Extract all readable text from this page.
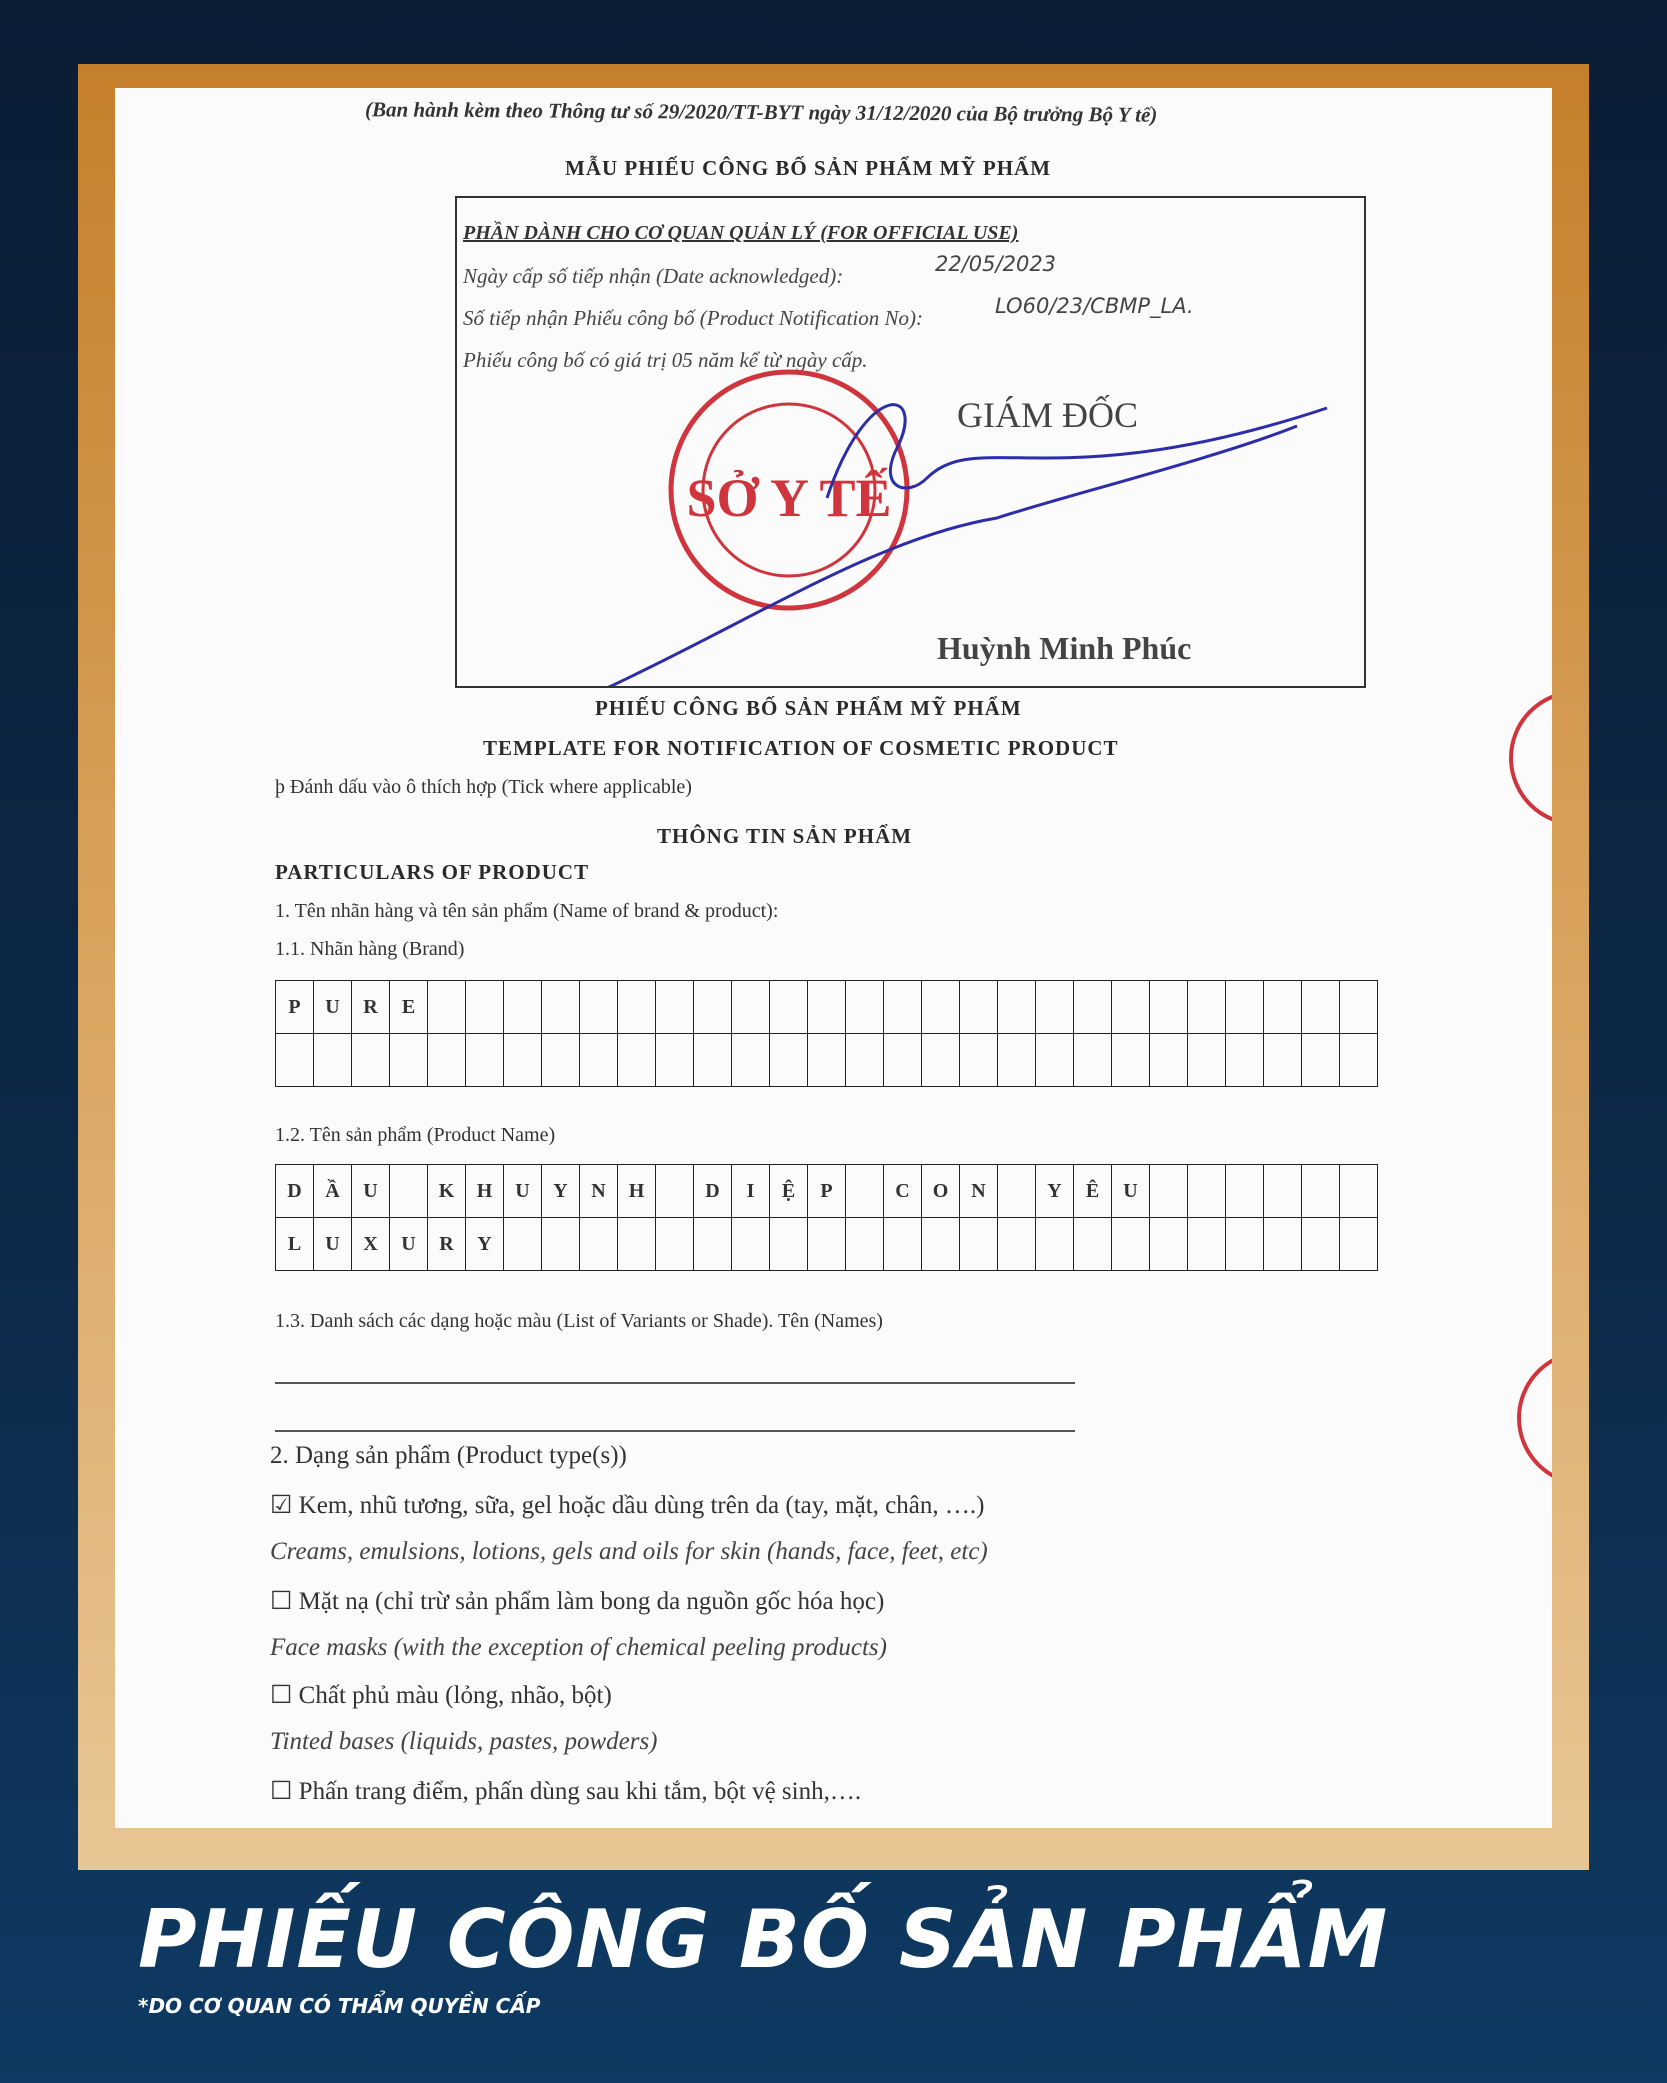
(Ban hành kèm theo Thông tư số 29/2020/TT-BYT ngày 31/12/2020 của Bộ trưởng Bộ Y tế)
MẪU PHIẾU CÔNG BỐ SẢN PHẨM MỸ PHẨM
PHẦN DÀNH CHO CƠ QUAN QUẢN LÝ (FOR OFFICIAL USE)
Ngày cấp số tiếp nhận (Date acknowledged):	22/05/2023
Số tiếp nhận Phiếu công bố (Product Notification No):	LO60/23/CBMP_LA.
Phiếu công bố có giá trị 05 năm kể từ ngày cấp.
GIÁM ĐỐC
Huỳnh Minh Phúc
SỞ Y TẾ
PHIẾU CÔNG BỐ SẢN PHẨM MỸ PHẨM
TEMPLATE FOR NOTIFICATION OF COSMETIC PRODUCT
þ Đánh dấu vào ô thích hợp (Tick where applicable)
THÔNG TIN SẢN PHẨM
PARTICULARS OF PRODUCT
1. Tên nhãn hàng và tên sản phẩm (Name of brand & product):
1.1. Nhãn hàng (Brand)
P	U	R	E																									

1.2. Tên sản phẩm (Product Name)
D	Ầ	U		K	H	U	Y	N	H		D	I	Ệ	P		C	O	N		Y	Ê	U						
L	U	X	U	R	Y																							
1.3. Danh sách các dạng hoặc màu (List of Variants or Shade). Tên (Names)
2. Dạng sản phẩm (Product type(s))
☑ Kem, nhũ tương, sữa, gel hoặc dầu dùng trên da (tay, mặt, chân, ….)
Creams, emulsions, lotions, gels and oils for skin (hands, face, feet, etc)
☐ Mặt nạ (chỉ trừ sản phẩm làm bong da nguồn gốc hóa học)
Face masks (with the exception of chemical peeling products)
☐ Chất phủ màu (lỏng, nhão, bột)
Tinted bases (liquids, pastes, powders)
☐ Phấn trang điểm, phấn dùng sau khi tắm, bột vệ sinh,….
PHIẾU CÔNG BỐ SẢN PHẨM
*DO CƠ QUAN CÓ THẨM QUYỀN CẤP
